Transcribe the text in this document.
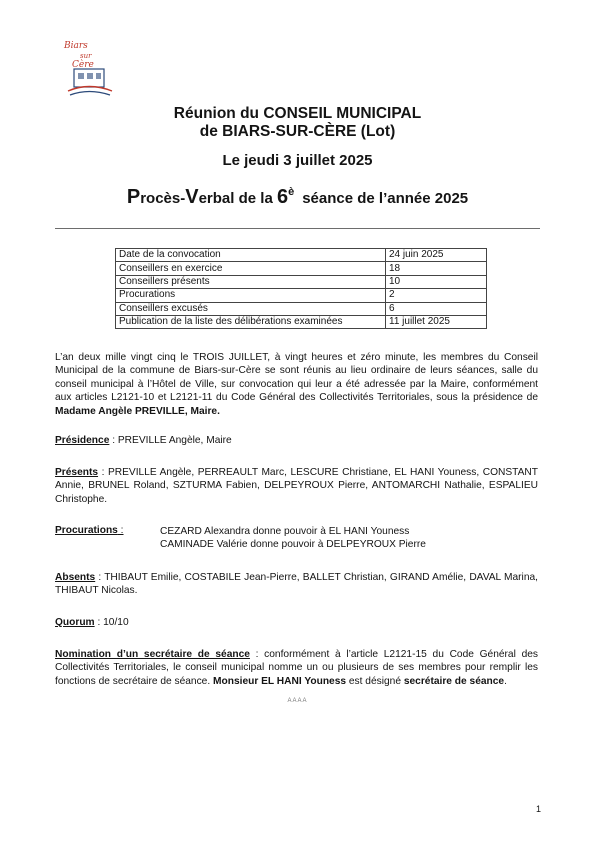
Biars
sur
Cère
Réunion du CONSEIL MUNICIPAL
de BIARS-SUR-CÈRE (Lot)
Le jeudi 3 juillet 2025
Procès-Verbal de la $6^è$ séance de l’année 2025
Date de la convocation	24 juin 2025
Conseillers en exercice	18
Conseillers présents	10
Procurations	2
Conseillers excusés	6
Publication de la liste des délibérations examinées	11 juillet 2025

L’an deux mille vingt cinq le TROIS JUILLET, à vingt heures et zéro minute, les membres du Conseil Municipal de la commune de Biars-sur-Cère se sont réunis au lieu ordinaire de leurs séances, salle du conseil municipal à l’Hôtel de Ville, sur convocation qui leur a été adressée par la Maire, conformément aux articles L2121-10 et L2121-11 du Code Général des Collectivités Territoriales, sous la présidence de Madame Angèle PREVILLE, Maire.

Présidence : PREVILLE Angèle, Maire

Présents : PREVILLE Angèle, PERREAULT Marc, LESCURE Christiane, EL HANI Youness, CONSTANT Annie, BRUNEL Roland, SZTURMA Fabien, DELPEYROUX Pierre, ANTOMARCHI Nathalie, ESPALIEU Christophe.

Procurations :	CEZARD Alexandra donne pouvoir à EL HANI Youness
CAMINADE Valérie donne pouvoir à DELPEYROUX Pierre

Absents : THIBAUT Emilie, COSTABILE Jean-Pierre, BALLET Christian, GIRAND Amélie, DAVAL Marina, THIBAUT Nicolas.

Quorum : 10/10

Nomination d’un secrétaire de séance : conformément à l’article L2121-15 du Code Général des Collectivités Territoriales, le conseil municipal nomme un ou plusieurs de ses membres pour remplir les fonctions de secrétaire de séance. Monsieur EL HANI Youness est désigné secrétaire de séance.

AAAA
1
